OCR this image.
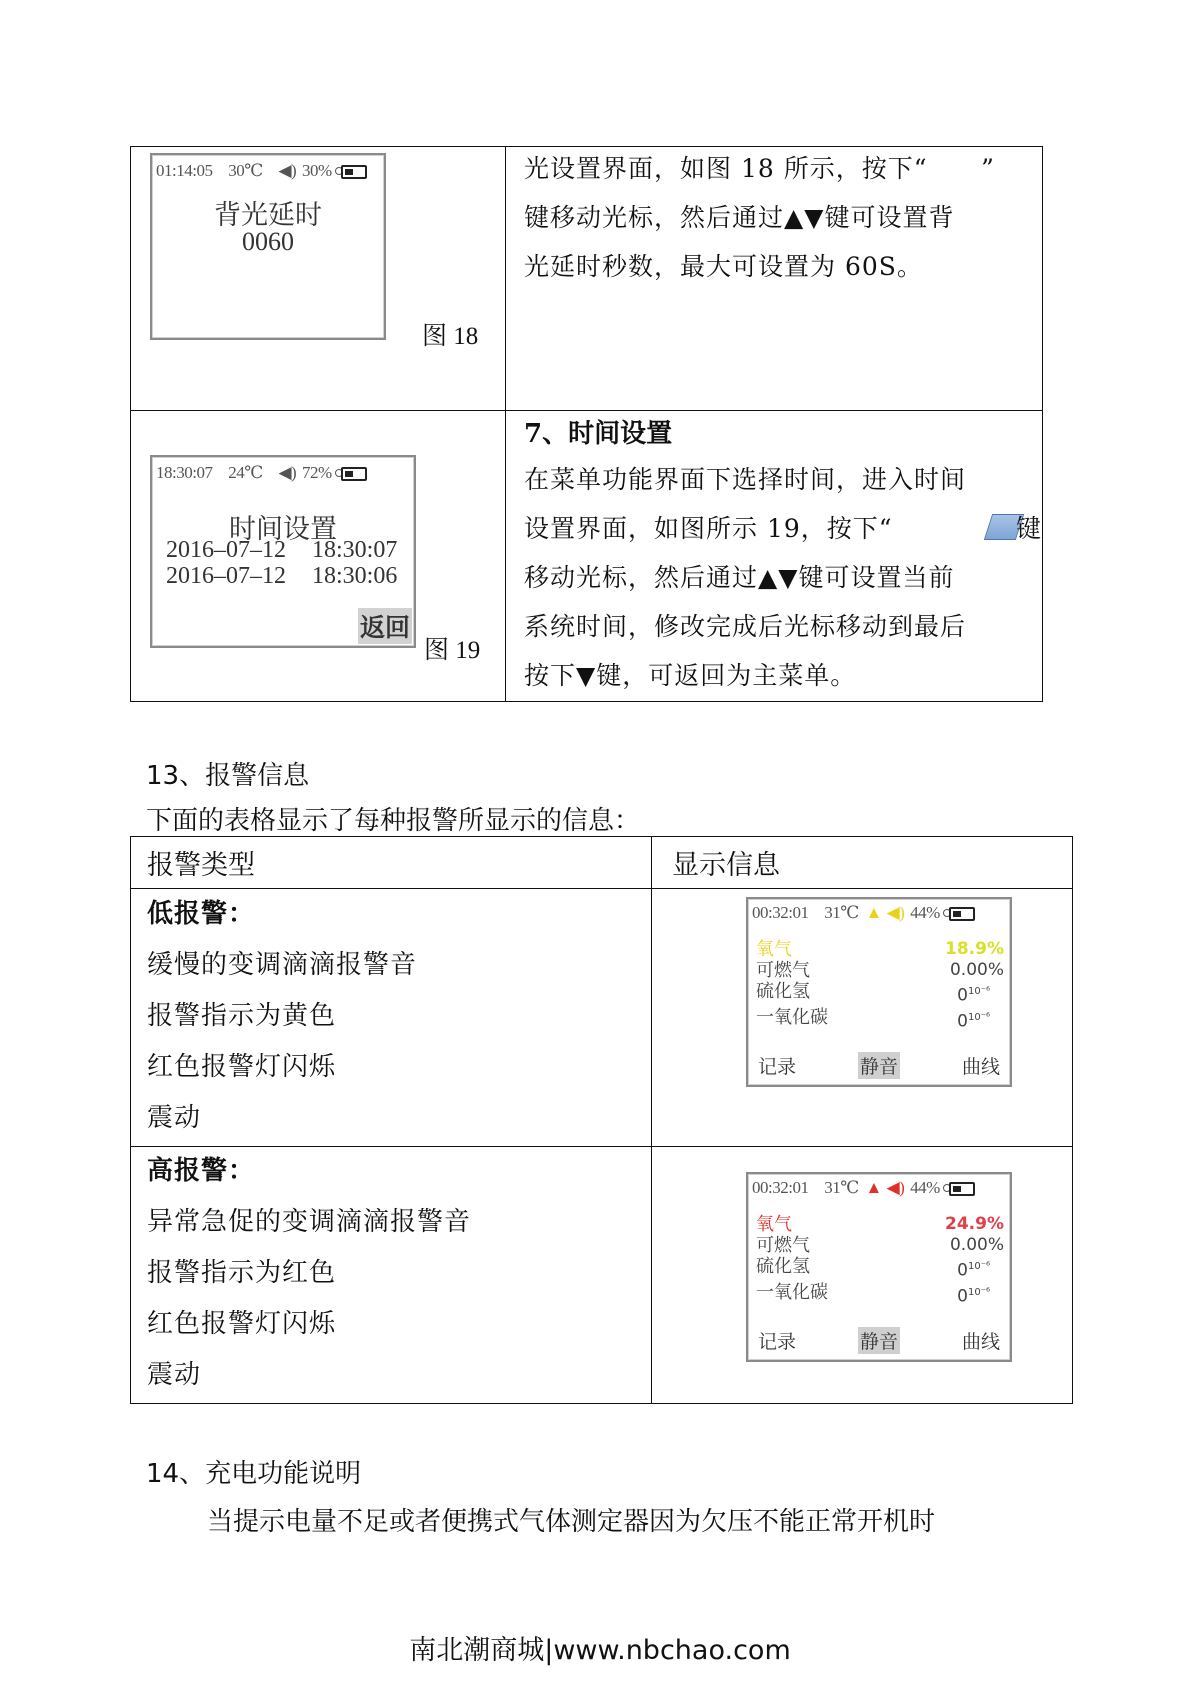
01:14:05 30℃ ◀) 30%
背光延时
0060
图 18
光设置界面，如图 18 所示，按下“      ”
键移动光标，然后通过▲▼键可设置背
光延时秒数，最大可设置为 60S。
18:30:07 24℃ ◀) 72%
时间设置
2016–07–12 18:30:07
2016–07–12 18:30:06
返回
图 19
7、时间设置
在菜单功能界面下选择时间，进入时间
设置界面，如图所示 19，按下“	键
移动光标，然后通过▲▼键可设置当前
系统时间，修改完成后光标移动到最后
按下▼键，可返回为主菜单。
13、报警信息
下面的表格显示了每种报警所显示的信息：
报警类型	显示信息
低报警：
缓慢的变调滴滴报警音
报警指示为黄色
红色报警灯闪烁
震动
00:32:01 31℃ ▲ ◀) 44%
氧气	18.9%
可燃气	0.00%
硫化氢	$0^{10^{-6}}$
一氧化碳	$0^{10^{-6}}$
记录	静音	曲线
高报警：
异常急促的变调滴滴报警音
报警指示为红色
红色报警灯闪烁
震动
00:32:01 31℃ ▲ ◀) 44%
氧气	24.9%
可燃气	0.00%
硫化氢	$0^{10^{-6}}$
一氧化碳	$0^{10^{-6}}$
记录	静音	曲线
14、充电功能说明
当提示电量不足或者便携式气体测定器因为欠压不能正常开机时
南北潮商城|www.nbchao.com
